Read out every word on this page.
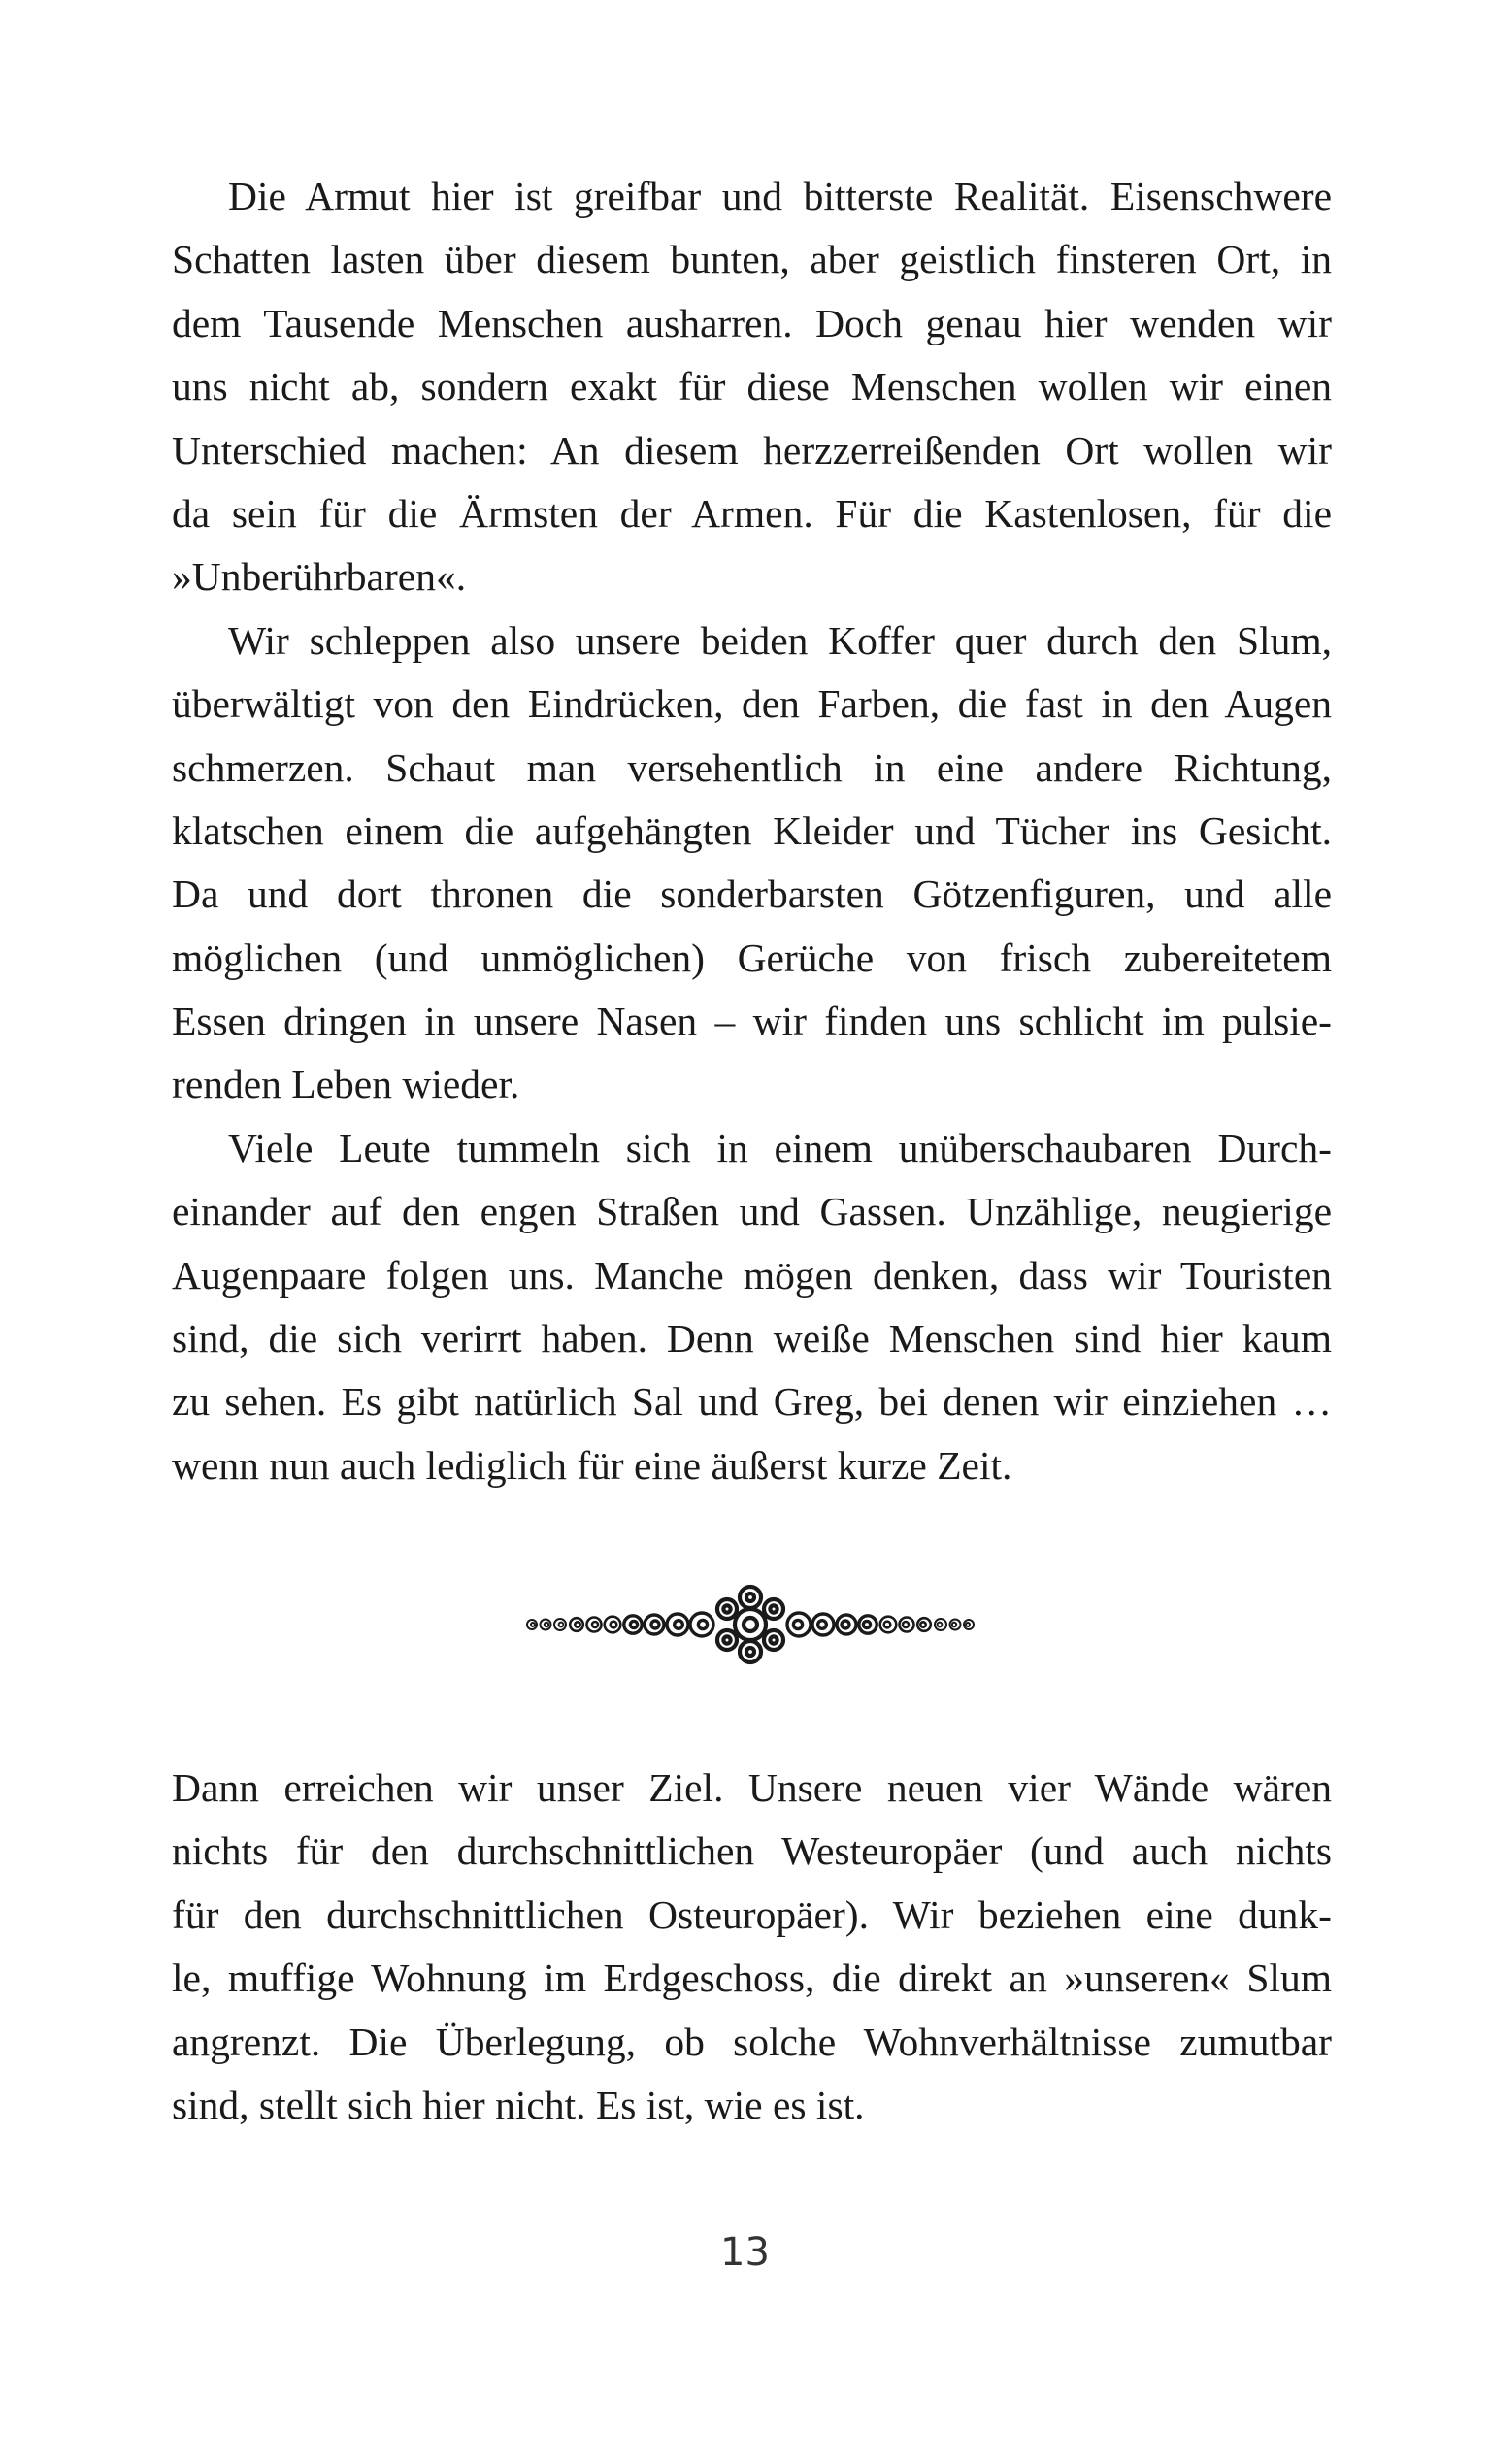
Die Armut hier ist greifbar und bitterste Realität. Eisenschwere
Schatten lasten über diesem bunten, aber geistlich finsteren Ort, in
dem Tausende Menschen ausharren. Doch genau hier wenden wir
uns nicht ab, sondern exakt für diese Menschen wollen wir einen
Unterschied machen: An diesem herzzerreißenden Ort wollen wir
da sein für die Ärmsten der Armen. Für die Kastenlosen, für die
»Unberührbaren«.
Wir schleppen also unsere beiden Koffer quer durch den Slum,
überwältigt von den Eindrücken, den Farben, die fast in den Augen
schmerzen. Schaut man versehentlich in eine andere Richtung,
klatschen einem die aufgehängten Kleider und Tücher ins Gesicht.
Da und dort thronen die sonderbarsten Götzenfiguren, und alle
möglichen (und unmöglichen) Gerüche von frisch zubereitetem
Essen dringen in unsere Nasen – wir finden uns schlicht im pulsie-
renden Leben wieder.
Viele Leute tummeln sich in einem unüberschaubaren Durch-
einander auf den engen Straßen und Gassen. Unzählige, neugierige
Augenpaare folgen uns. Manche mögen denken, dass wir Touristen
sind, die sich verirrt haben. Denn weiße Menschen sind hier kaum
zu sehen. Es gibt natürlich Sal und Greg, bei denen wir einziehen …
wenn nun auch lediglich für eine äußerst kurze Zeit.
Dann erreichen wir unser Ziel. Unsere neuen vier Wände wären
nichts für den durchschnittlichen Westeuropäer (und auch nichts
für den durchschnittlichen Osteuropäer). Wir beziehen eine dunk-
le, muffige Wohnung im Erdgeschoss, die direkt an »unseren« Slum
angrenzt. Die Überlegung, ob solche Wohnverhältnisse zumutbar
sind, stellt sich hier nicht. Es ist, wie es ist.
13
